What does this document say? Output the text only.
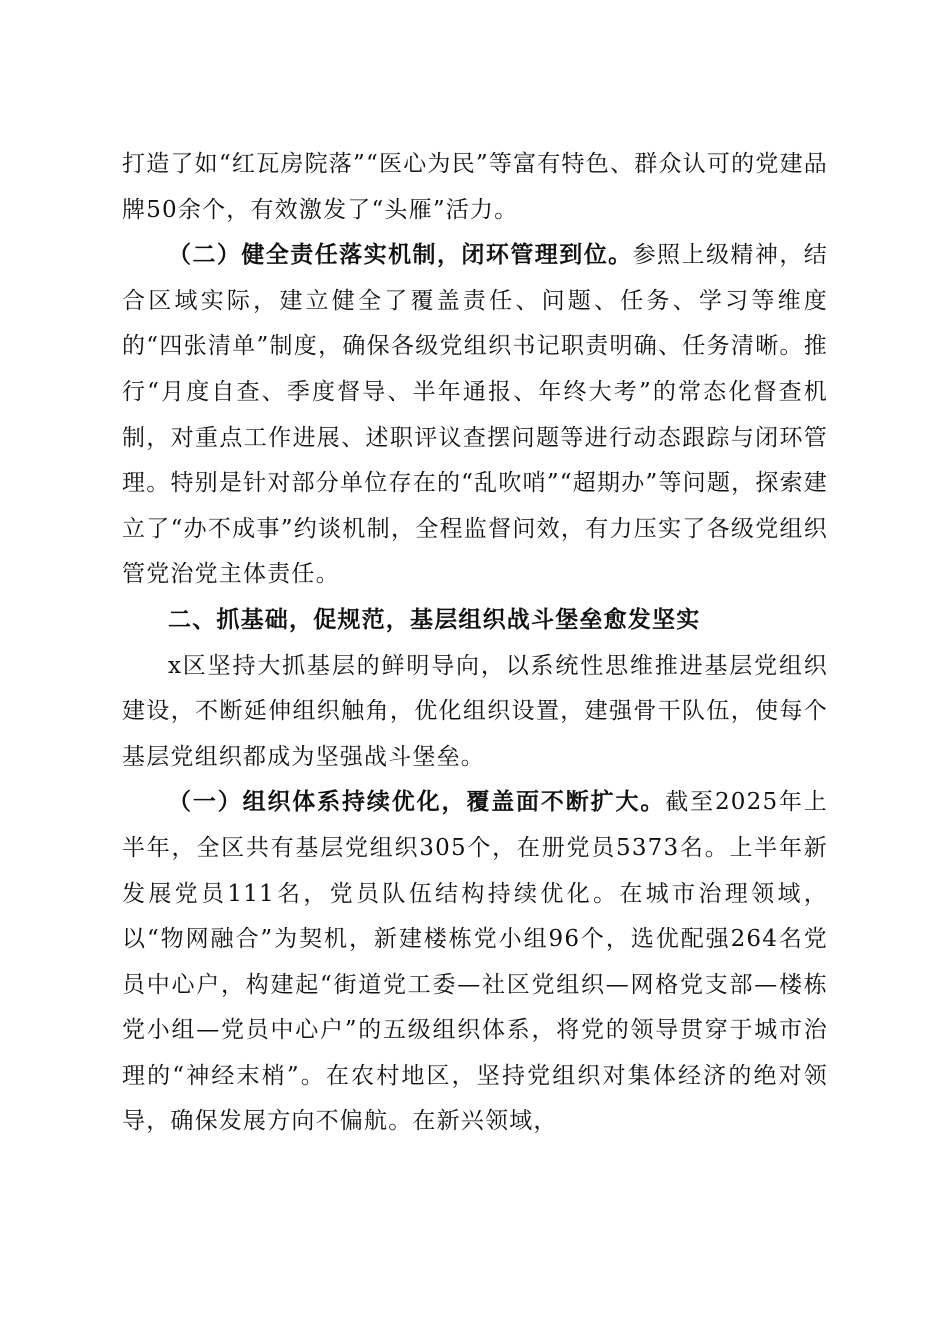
打造了如“红瓦房院落”“医心为民”等富有特色、群众认可的党建品牌50余个，有效激发了“头雁”活力。

（二）健全责任落实机制，闭环管理到位。参照上级精神，结合区域实际，建立健全了覆盖责任、问题、任务、学习等维度的“四张清单”制度，确保各级党组织书记职责明确、任务清晰。推行“月度自查、季度督导、半年通报、年终大考”的常态化督查机制，对重点工作进展、述职评议查摆问题等进行动态跟踪与闭环管理。特别是针对部分单位存在的“乱吹哨”“超期办”等问题，探索建立了“办不成事”约谈机制，全程监督问效，有力压实了各级党组织管党治党主体责任。

二、抓基础，促规范，基层组织战斗堡垒愈发坚实

x区坚持大抓基层的鲜明导向，以系统性思维推进基层党组织建设，不断延伸组织触角，优化组织设置，建强骨干队伍，使每个基层党组织都成为坚强战斗堡垒。

（一）组织体系持续优化，覆盖面不断扩大。截至2025年上半年，全区共有基层党组织305个，在册党员5373名。上半年新发展党员111名，党员队伍结构持续优化。在城市治理领域，以“物网融合”为契机，新建楼栋党小组96个，选优配强264名党员中心户，构建起“街道党工委—社区党组织—网格党支部—楼栋党小组—党员中心户”的五级组织体系，将党的领导贯穿于城市治理的“神经末梢”。在农村地区，坚持党组织对集体经济的绝对领导，确保发展方向不偏航。在新兴领域，
